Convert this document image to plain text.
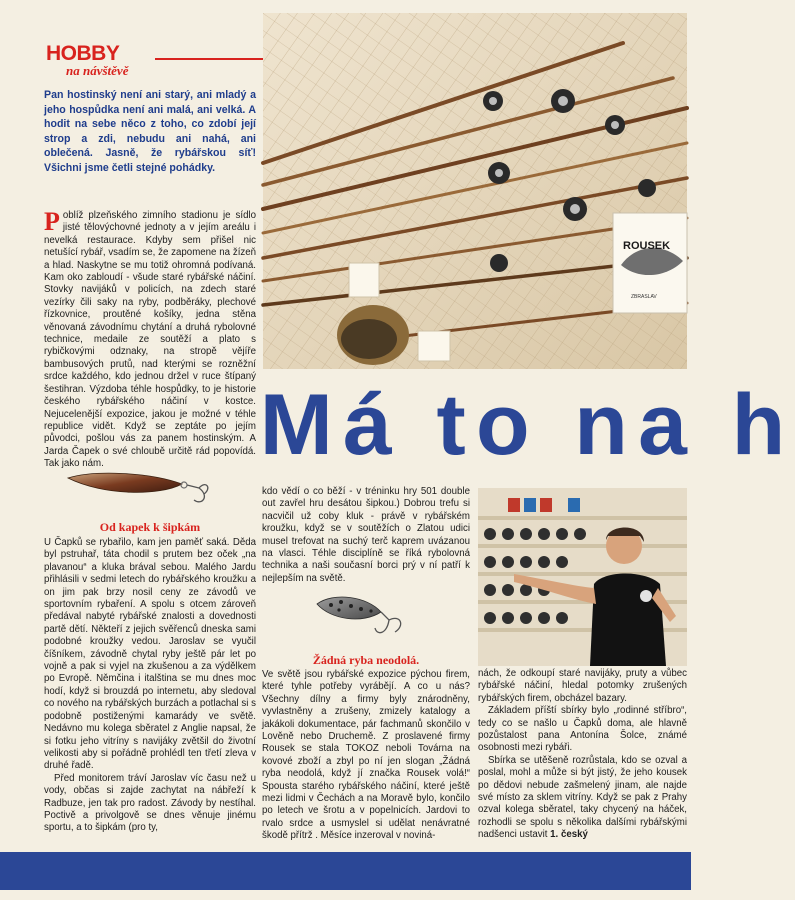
HOBBY
na návštěvě
Pan hostinský není ani starý, ani mladý a jeho hospůdka není ani malá, ani velká. A hodit na sebe něco z toho, co zdobí její strop a zdi, nebudu ani nahá, ani oblečená. Jasně, že rybářskou síť! Všichni jsme četli stejné pohádky.
P oblíž plzeňského zimního stadionu je sídlo jisté tělovýchovné jednoty a v jejím areálu i nevelká restaurace. Kdyby sem přišel nic netušící rybář, vsadím se, že zapomene na žízeň a hlad. Naskytne se mu totiž ohromná podívaná. Kam oko zabloudí - všude staré rybářské náčiní. Stovky navijáků v policích, na zdech staré vezírky čili saky na ryby, podběráky, plechové řízkovnice, proutěné košíky, jedna stěna věnovaná závodnímu chytání a druhá rybolovné technice, medaile ze soutěží a plato s rybičkovými odznaky, na stropě vějíře bambusových prutů, nad kterými se rozněžní srdce každého, kdo jednou držel v ruce štípaný šestihran. Výzdoba téhle hospůdky, to je historie českého rybářského náčiní v kostce. Nejucelenější expozice, jakou je možné v téhle republice vidět. Když se zeptáte po jejím původci, pošlou vás za panem hostinským. A Jarda Čapek o své chloubě určitě rád popovídá. Tak jako nám.
Od kapek k šipkám

U Čapků se rybařilo, kam jen paměť saká. Děda byl pstruhař, táta chodil s prutem bez oček „na plavanou“ a kluka brával sebou. Malého Jardu přihlásili v sedmi letech do rybářského kroužku a on jim pak brzy nosil ceny ze závodů ve sportovním rybaření. A spolu s otcem zároveň předával nabyté rybářské znalosti a dovednosti partě dětí. Někteří z jejich svěřenců dneska sami podobné kroužky vedou. Jaroslav se vyučil číšníkem, závodně chytal ryby ještě pár let po vojně a pak si vyjel na zkušenou a za výdělkem po Evropě. Němčina i italština se mu dnes moc hodí, když si brouzdá po internetu, aby sledoval co nového na rybářských burzách a potlachal si s podobně postiženými kamarády ve světě. Nedávno mu kolega sběratel z Anglie napsal, že si fotku jeho vitríny s navijáky zvětšil do životní velikosti aby si pořádně prohlédl ten třetí zleva v druhé řadě.

Před monitorem tráví Jaroslav víc času než u vody, občas si zajde zachytat na nábřeží k Radbuze, jen tak pro radost. Závody by nestíhal. Poctivě a privolgově se dnes věnuje jinému sportu, a to šipkám (pro ty,

ROUSEK
ZBRASLAV
Má to na h
kdo vědí o co běží - v tréninku hry 501 double out zavřel hru desátou šipkou.) Dobrou trefu si nacvičil už coby kluk - právě v rybářském kroužku, když se v soutěžích o Zlatou udici musel trefovat na suchý terč kaprem uvázanou na vlasci. Téhle disciplíně se říká rybolovná technika a naši současní borci prý v ní patří k nejlepším na světě.
Žádná ryba neodolá.
Ve světě jsou rybářské expozice pýchou firem, které tyhle potřeby vyrábějí. A co u nás? Všechny dílny a firmy byly znárodněny, vyvlastněny a zrušeny, zmizely katalogy a jakákoli dokumentace, pár fachmanů skončilo v Lověně nebo Druchemě. Z proslavené firmy Rousek se stala TOKOZ neboli Továrna na kovové zboží a zbyl po ní jen slogan „Žádná ryba neodolá, když jí značka Rousek volá!“ Spousta starého rybářského náčiní, které ještě mezi lidmi v Čechách a na Moravě bylo, končilo po letech ve šrotu a v popelnicích. Jardovi to rvalo srdce a usmyslel si udělat nenávratné škodě přítrž . Měsíce inzeroval v noviná-

nách, že odkoupí staré navijáky, pruty a vůbec rybářské náčiní, hledal potomky zrušených rybářských firem, obcházel bazary.

Základem příští sbírky bylo „rodinné stříbro“, tedy co se našlo u Čapků doma, ale hlavně pozůstalost pana Antonína Šolce, známé osobnosti mezi rybáři.

Sbírka se utěšeně rozrůstala, kdo se ozval a poslal, mohl a může si být jistý, že jeho kousek po dědovi nebude zašmelený jinam, ale najde své místo za sklem vitríny. Když se pak z Prahy ozval kolega sběratel, taky chycený na háček, rozhodli se spolu s několika dalšími rybářskými nadšenci ustavit 1. český
